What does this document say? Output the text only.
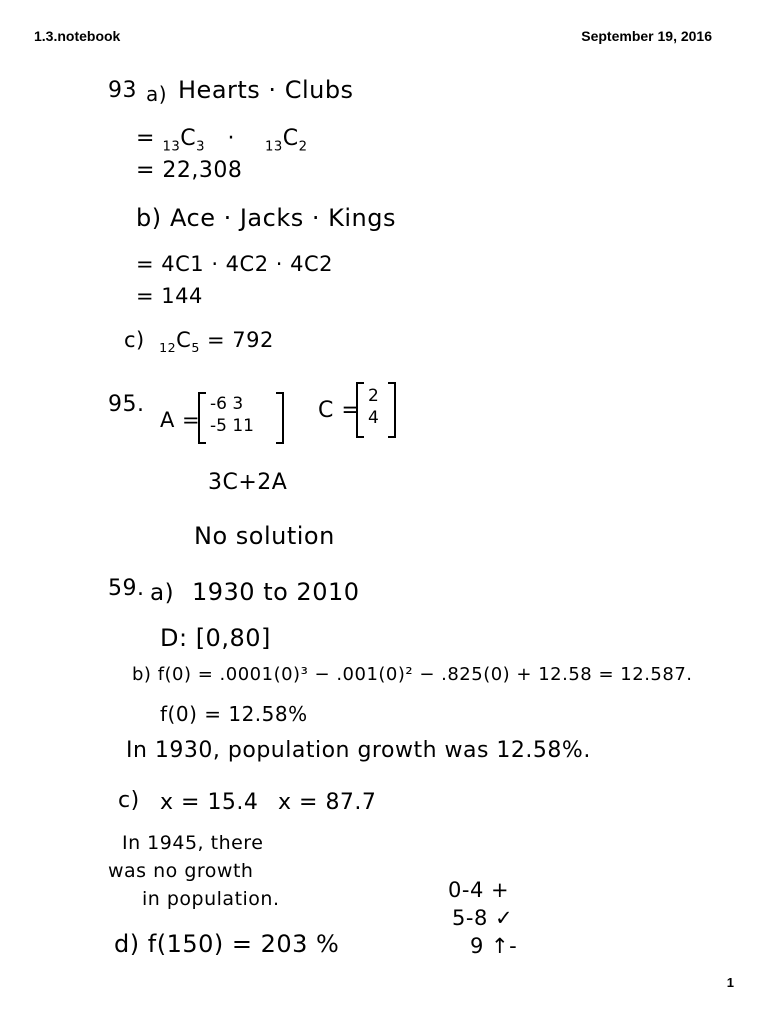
1.3.notebook	September 19, 2016
1
93 a) Hearts · Clubs
= $_{13}C_3$   ·    $_{13}C_2$
= 22,308
b) Ace · Jacks · Kings
= 4C1 · 4C2 · 4C2
= 144
c) $_{12}C_5 = 792$
95.
A =
-6 3
-5 11
C =
2
4
3C+2A
No solution
59. a) 1930 to 2010
D: [0,80]
b) f(0) = .0001(0)³ − .001(0)² − .825(0) + 12.58 = 12.587.
f(0) = 12.58%
In 1930, population growth was 12.58%.
c) x = 15.4 x = 87.7
In 1945, there
was no growth
in population.
d) f(150) = 203 %
0-4 +
5-8 ✓
9 ↑-
